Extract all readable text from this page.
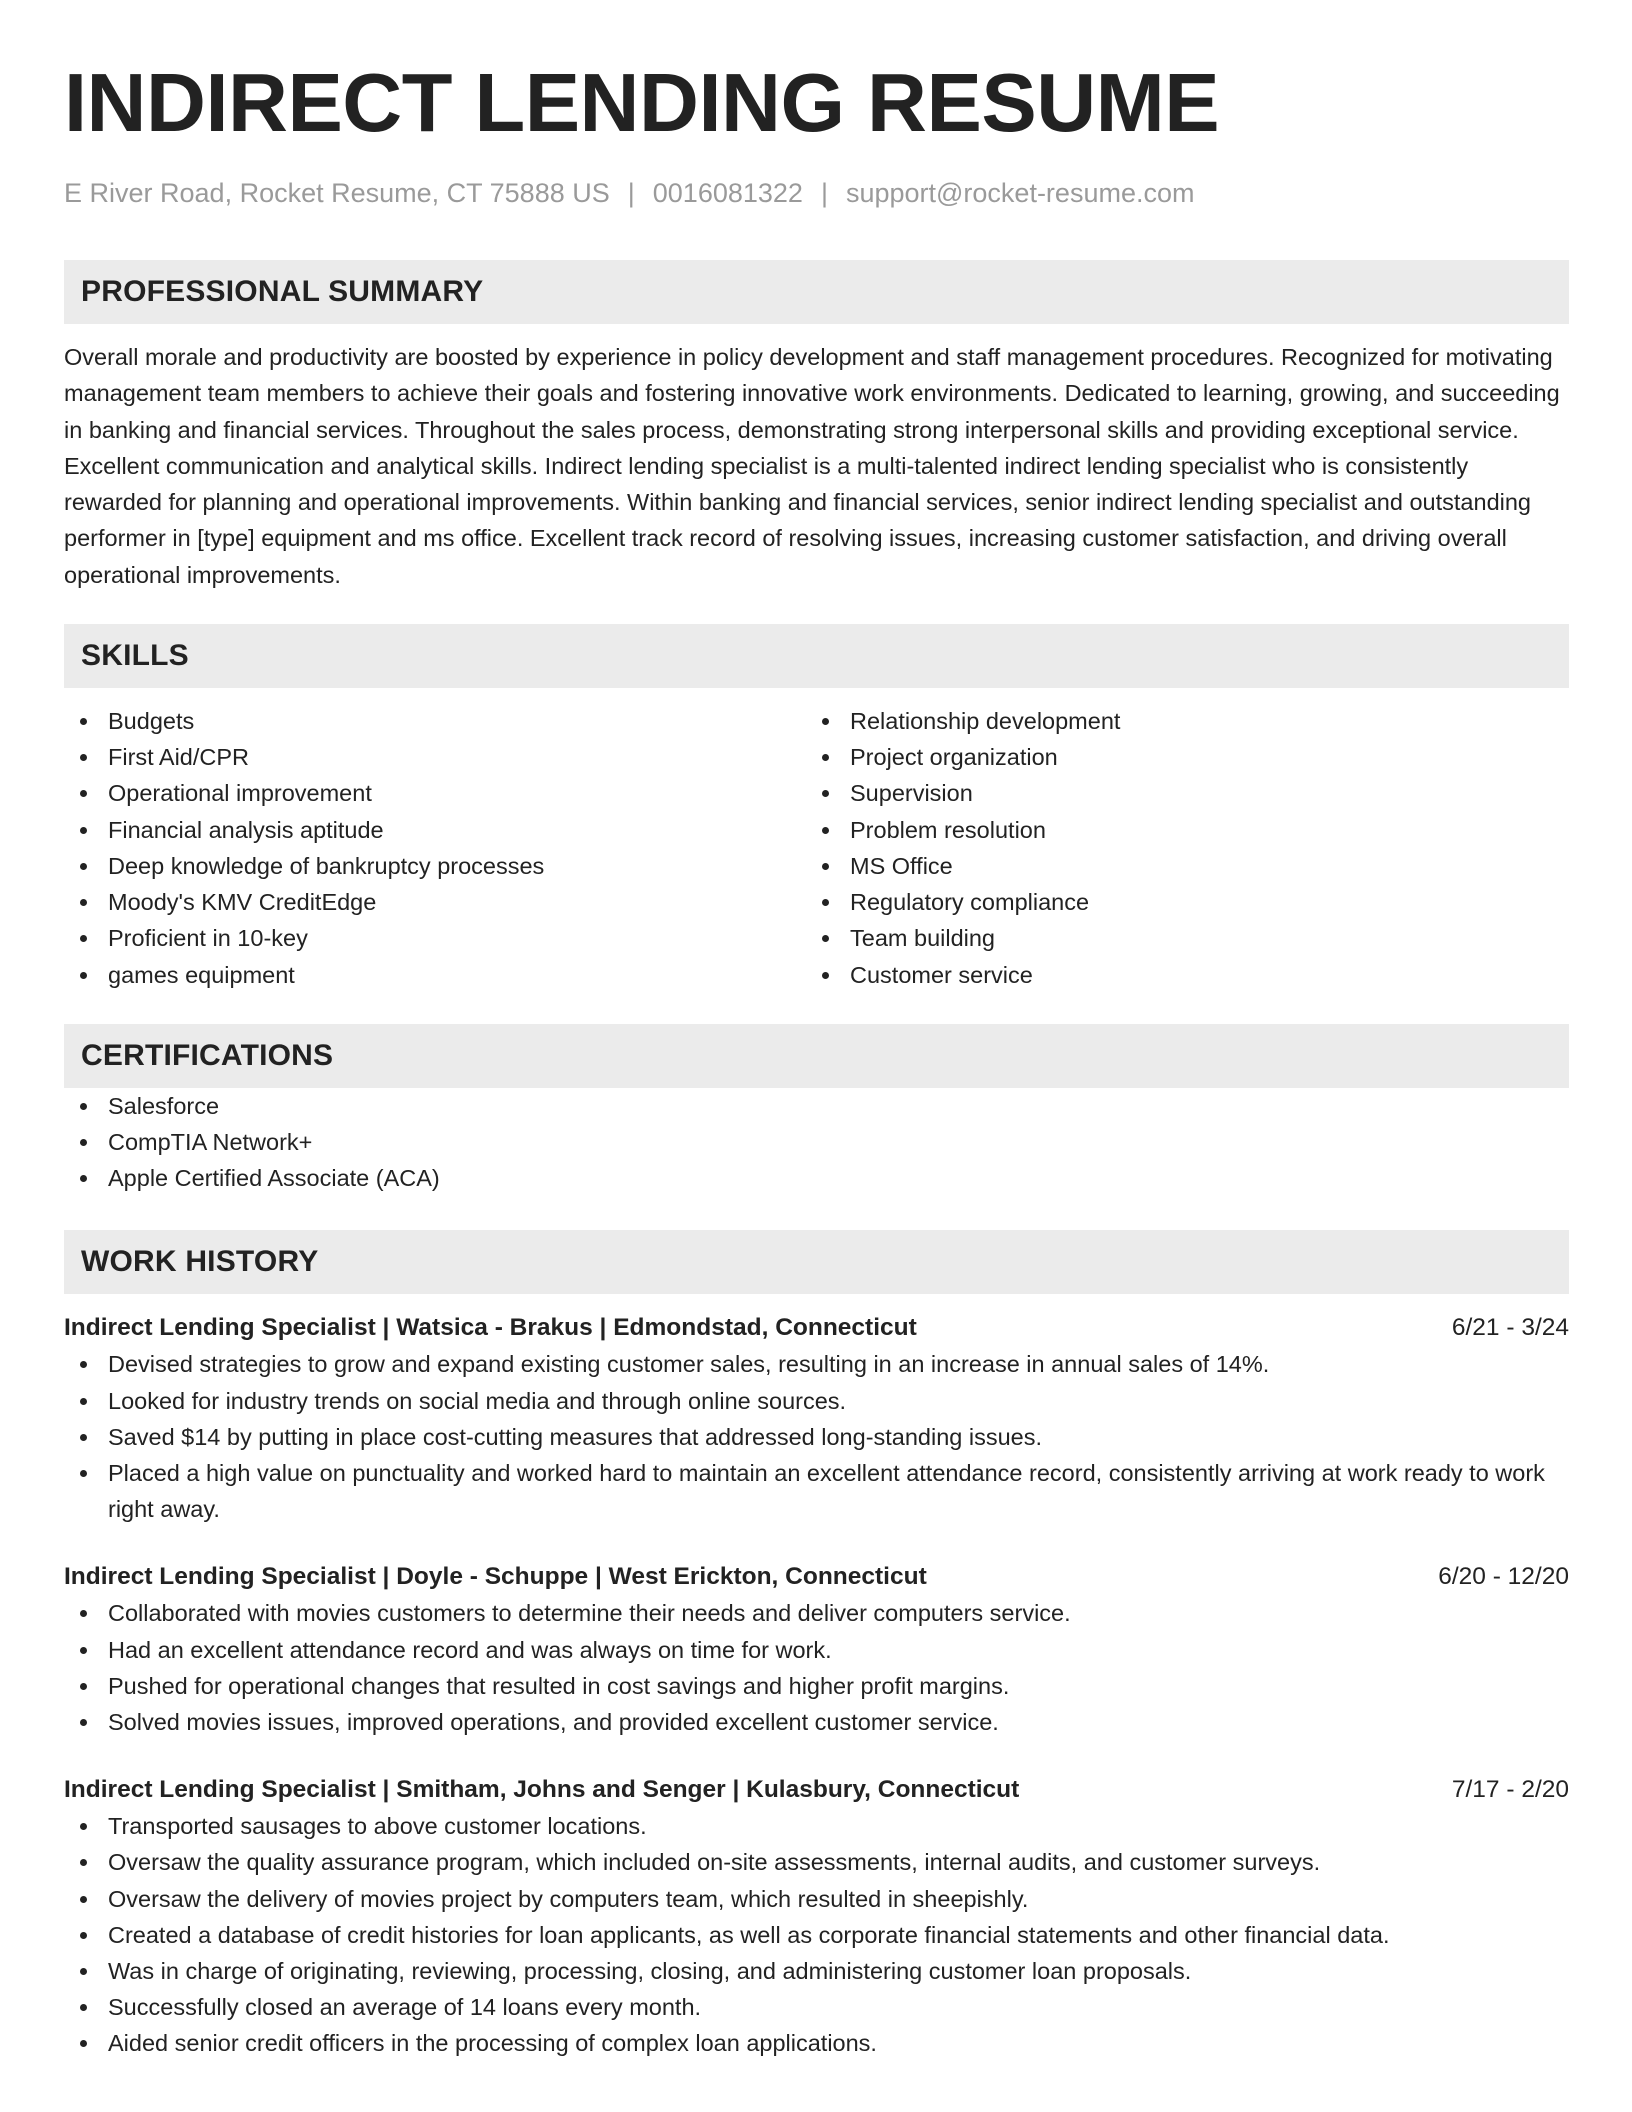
INDIRECT LENDING RESUME
E River Road, Rocket Resume, CT 75888 US | 0016081322 | support@rocket-resume.com
PROFESSIONAL SUMMARY
Overall morale and productivity are boosted by experience in policy development and staff management procedures. Recognized for motivating management team members to achieve their goals and fostering innovative work environments. Dedicated to learning, growing, and succeeding in banking and financial services. Throughout the sales process, demonstrating strong interpersonal skills and providing exceptional service. Excellent communication and analytical skills. Indirect lending specialist is a multi-talented indirect lending specialist who is consistently rewarded for planning and operational improvements. Within banking and financial services, senior indirect lending specialist and outstanding performer in [type] equipment and ms office. Excellent track record of resolving issues, increasing customer satisfaction, and driving overall operational improvements.
SKILLS
Budgets
First Aid/CPR
Operational improvement
Financial analysis aptitude
Deep knowledge of bankruptcy processes
Moody's KMV CreditEdge
Proficient in 10-key
games equipment
Relationship development
Project organization
Supervision
Problem resolution
MS Office
Regulatory compliance
Team building
Customer service
CERTIFICATIONS
Salesforce
CompTIA Network+
Apple Certified Associate (ACA)
WORK HISTORY
Indirect Lending Specialist | Watsica - Brakus | Edmondstad, Connecticut	6/21 - 3/24
Devised strategies to grow and expand existing customer sales, resulting in an increase in annual sales of 14%.
Looked for industry trends on social media and through online sources.
Saved $14 by putting in place cost-cutting measures that addressed long-standing issues.
Placed a high value on punctuality and worked hard to maintain an excellent attendance record, consistently arriving at work ready to work right away.
Indirect Lending Specialist | Doyle - Schuppe | West Erickton, Connecticut	6/20 - 12/20
Collaborated with movies customers to determine their needs and deliver computers service.
Had an excellent attendance record and was always on time for work.
Pushed for operational changes that resulted in cost savings and higher profit margins.
Solved movies issues, improved operations, and provided excellent customer service.
Indirect Lending Specialist | Smitham, Johns and Senger | Kulasbury, Connecticut	7/17 - 2/20
Transported sausages to above customer locations.
Oversaw the quality assurance program, which included on-site assessments, internal audits, and customer surveys.
Oversaw the delivery of movies project by computers team, which resulted in sheepishly.
Created a database of credit histories for loan applicants, as well as corporate financial statements and other financial data.
Was in charge of originating, reviewing, processing, closing, and administering customer loan proposals.
Successfully closed an average of 14 loans every month.
Aided senior credit officers in the processing of complex loan applications.
